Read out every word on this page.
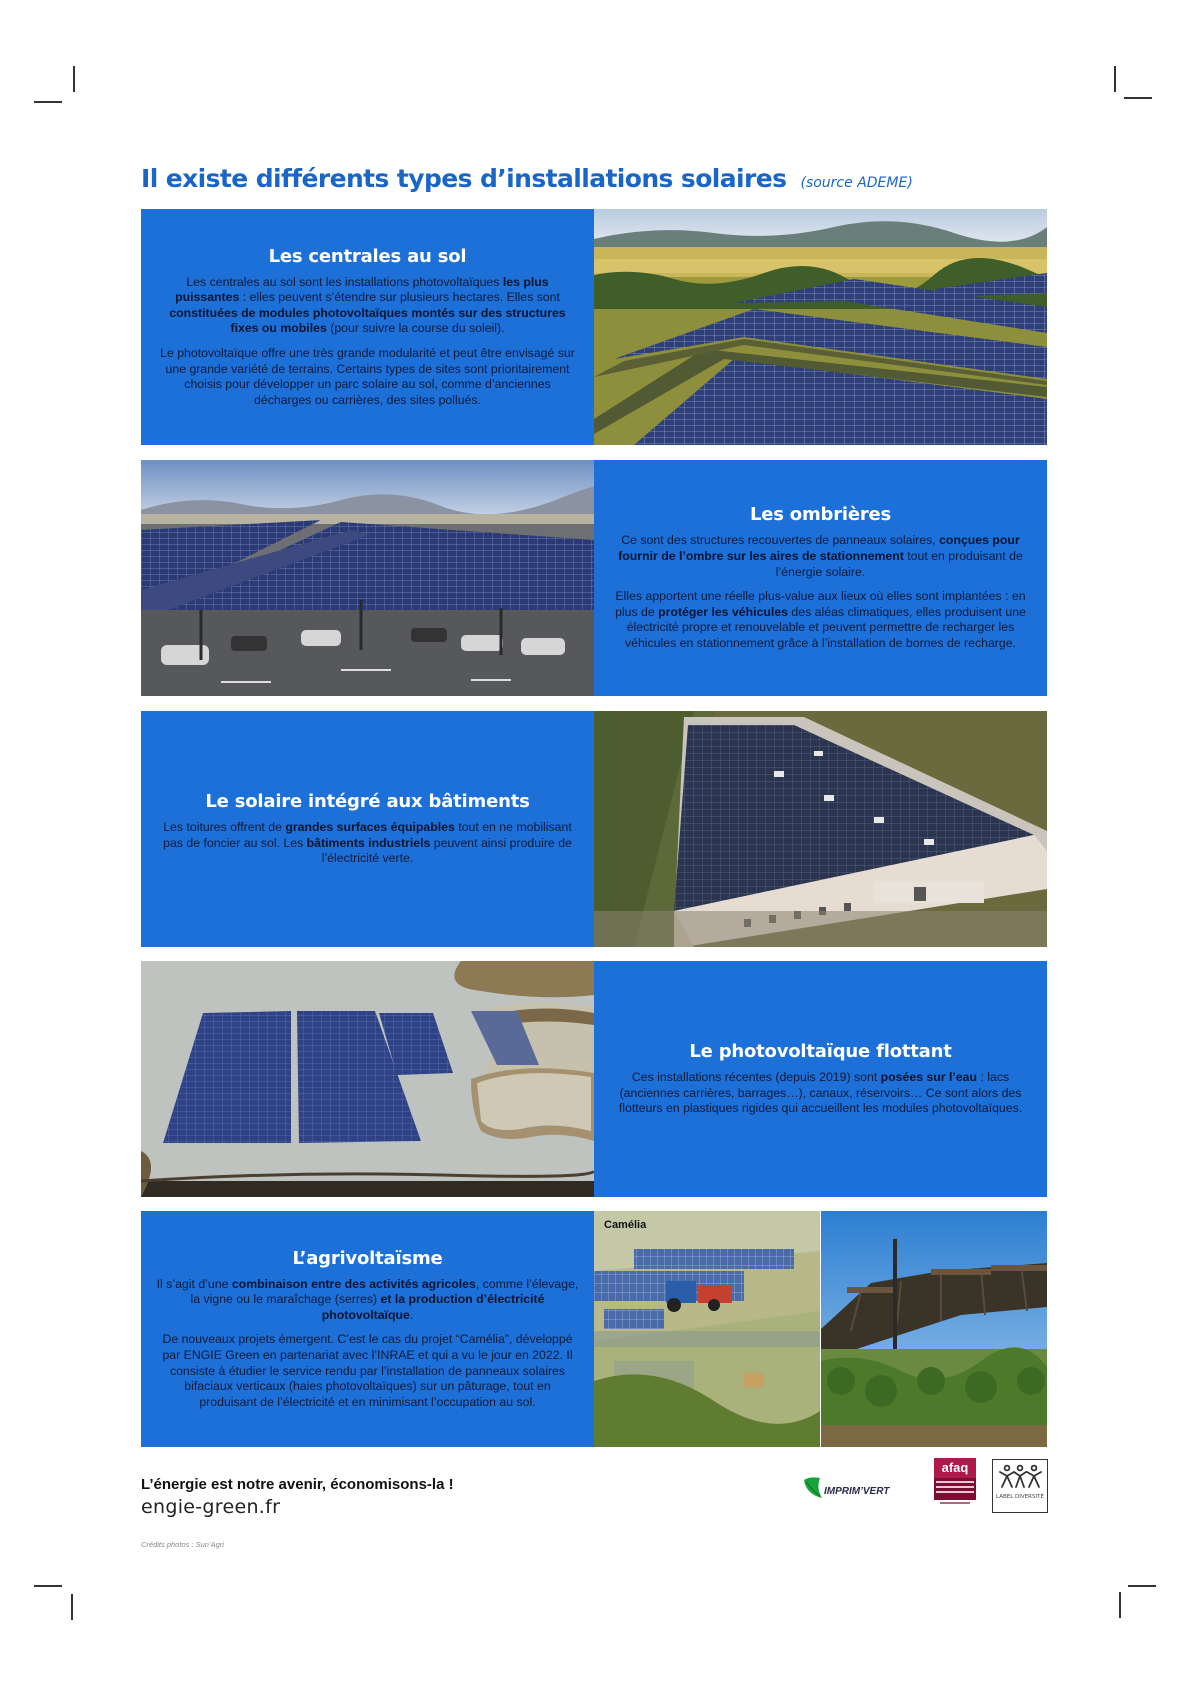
Il existe différents types d’installations solaires (source ADEME)
Les centrales au sol

Les centrales au sol sont les installations photovoltaïques les plus puissantes : elles peuvent s’étendre sur plusieurs hectares. Elles sont constituées de modules photovoltaïques montés sur des structures fixes ou mobiles (pour suivre la course du soleil).

Le photovoltaïque offre une très grande modularité et peut être envisagé sur une grande variété de terrains. Certains types de sites sont prioritairement choisis pour développer un parc solaire au sol, comme d’anciennes décharges ou carrières, des sites pollués.

Les ombrières

Ce sont des structures recouvertes de panneaux solaires, conçues pour fournir de l’ombre sur les aires de stationnement tout en produisant de l’énergie solaire.

Elles apportent une réelle plus-value aux lieux où elles sont implantées : en plus de protéger les véhicules des aléas climatiques, elles produisent une électricité propre et renouvelable et peuvent permettre de recharger les véhicules en stationnement grâce à l’installation de bornes de recharge.

Le solaire intégré aux bâtiments

Les toitures offrent de grandes surfaces équipables tout en ne mobilisant pas de foncier au sol. Les bâtiments industriels peuvent ainsi produire de l’électricité verte.

Le photovoltaïque flottant

Ces installations récentes (depuis 2019) sont posées sur l’eau : lacs (anciennes carrières, barrages…), canaux, réservoirs… Ce sont alors des flotteurs en plastiques rigides qui accueillent les modules photovoltaïques.

L’agrivoltaïsme

Il s’agit d’une combinaison entre des activités agricoles, comme l’élevage, la vigne ou le maraîchage (serres) et la production d’électricité photovoltaïque.

De nouveaux projets émergent. C’est le cas du projet “Camélia”, développé par ENGIE Green en partenariat avec l’INRAE et qui a vu le jour en 2022. Il consiste à étudier le service rendu par l’installation de panneaux solaires bifaciaux verticaux (haies photovoltaïques) sur un pâturage, tout en produisant de l’électricité et en minimisant l’occupation au sol.

Camélia
L’énergie est notre avenir, économisons-la !
engie-green.fr
Crédits photos : Sun’Agri
IMPRIM’VERT
afaq
LABEL DIVERSITÉ
